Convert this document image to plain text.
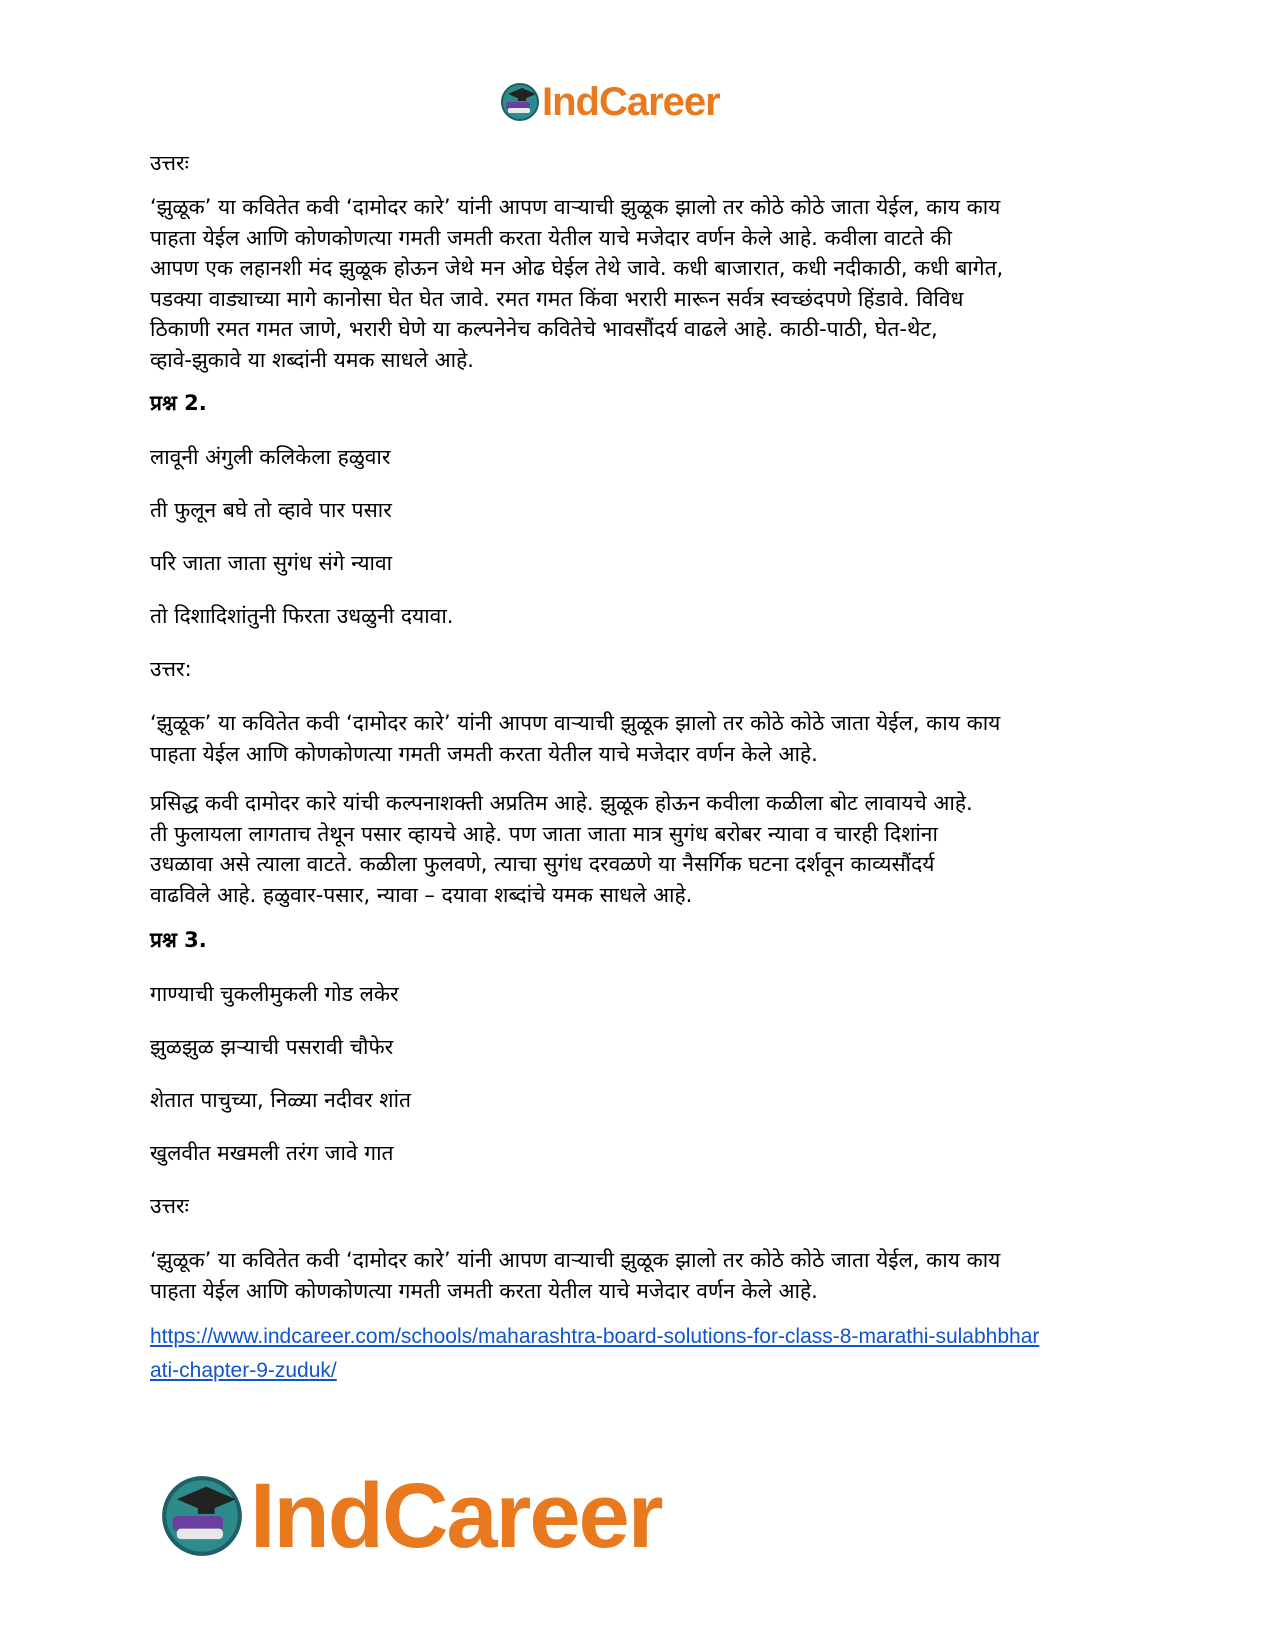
IndCareer
उत्तरः
‘झुळूक’ या कवितेत कवी ‘दामोदर कारे’ यांनी आपण वाऱ्याची झुळूक झालो तर कोठे कोठे जाता येईल, काय काय
पाहता येईल आणि कोणकोणत्या गमती जमती करता येतील याचे मजेदार वर्णन केले आहे. कवीला वाटते की
आपण एक लहानशी मंद झुळूक होऊन जेथे मन ओढ घेईल तेथे जावे. कधी बाजारात, कधी नदीकाठी, कधी बागेत,
पडक्या वाड्याच्या मागे कानोसा घेत घेत जावे. रमत गमत किंवा भरारी मारून सर्वत्र स्वच्छंदपणे हिंडावे. विविध
ठिकाणी रमत गमत जाणे, भरारी घेणे या कल्पनेनेच कवितेचे भावसौंदर्य वाढले आहे. काठी-पाठी, घेत-थेट,
व्हावे-झुकावे या शब्दांनी यमक साधले आहे.
प्रश्न 2.
लावूनी अंगुली कलिकेला हळुवार
ती फुलून बघे तो व्हावे पार पसार
परि जाता जाता सुगंध संगे न्यावा
तो दिशादिशांतुनी फिरता उधळुनी दयावा.
उत्तर:
‘झुळूक’ या कवितेत कवी ‘दामोदर कारे’ यांनी आपण वाऱ्याची झुळूक झालो तर कोठे कोठे जाता येईल, काय काय
पाहता येईल आणि कोणकोणत्या गमती जमती करता येतील याचे मजेदार वर्णन केले आहे.
प्रसिद्ध कवी दामोदर कारे यांची कल्पनाशक्ती अप्रतिम आहे. झुळूक होऊन कवीला कळीला बोट लावायचे आहे.
ती फुलायला लागताच तेथून पसार व्हायचे आहे. पण जाता जाता मात्र सुगंध बरोबर न्यावा व चारही दिशांना
उधळावा असे त्याला वाटते. कळीला फुलवणे, त्याचा सुगंध दरवळणे या नैसर्गिक घटना दर्शवून काव्यसौंदर्य
वाढविले आहे. हळुवार-पसार, न्यावा – दयावा शब्दांचे यमक साधले आहे.
प्रश्न 3.
गाण्याची चुकलीमुकली गोड लकेर
झुळझुळ झऱ्याची पसरावी चौफेर
शेतात पाचुच्या, निळ्या नदीवर शांत
खुलवीत मखमली तरंग जावे गात
उत्तरः
‘झुळूक’ या कवितेत कवी ‘दामोदर कारे’ यांनी आपण वाऱ्याची झुळूक झालो तर कोठे कोठे जाता येईल, काय काय
पाहता येईल आणि कोणकोणत्या गमती जमती करता येतील याचे मजेदार वर्णन केले आहे.
https://www.indcareer.com/schools/maharashtra-board-solutions-for-class-8-marathi-sulabhbhar
ati-chapter-9-zuduk/
IndCareer
